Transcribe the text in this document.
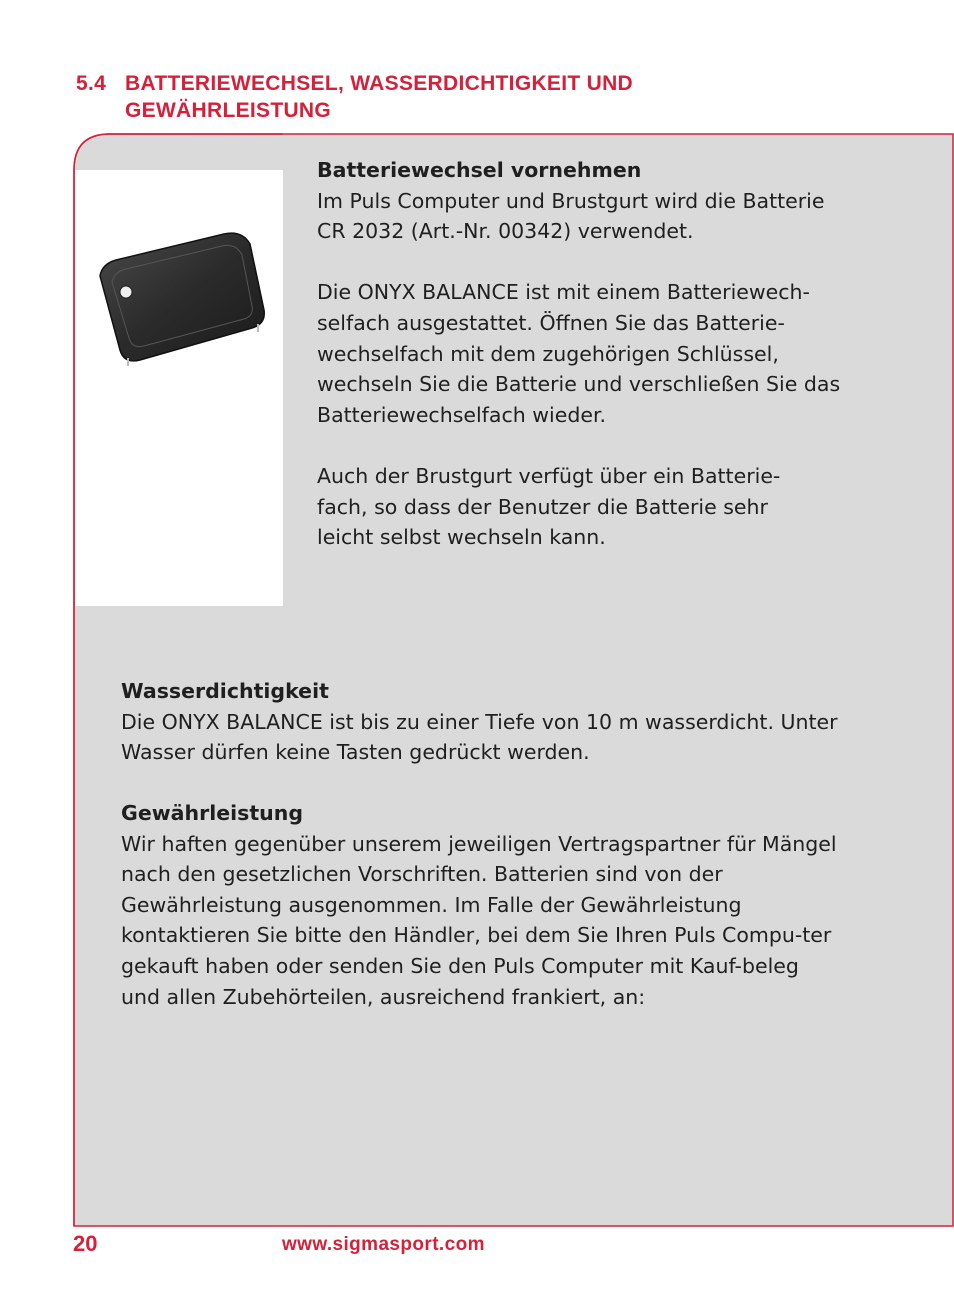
5.4 BATTERIEWECHSEL, WASSERDICHTIGKEIT UND
GEWÄHRLEISTUNG
Batteriewechsel vornehmen

Im Puls Computer und Brustgurt wird die Batterie CR 2032 (Art.-Nr. 00342) verwendet.

Die ONYX BALANCE ist mit einem Batteriewech-selfach ausgestattet. Öffnen Sie das Batterie-wechselfach mit dem zugehörigen Schlüssel, wechseln Sie die Batterie und verschließen Sie das Batteriewechselfach wieder.

Auch der Brustgurt verfügt über ein Batterie-fach, so dass der Benutzer die Batterie sehr leicht selbst wechseln kann.

Wasserdichtigkeit

Die ONYX BALANCE ist bis zu einer Tiefe von 10 m wasserdicht. Unter Wasser dürfen keine Tasten gedrückt werden.

Gewährleistung

Wir haften gegenüber unserem jeweiligen Vertragspartner für Mängel nach den gesetzlichen Vorschriften. Batterien sind von der Gewährleistung ausgenommen. Im Falle der Gewährleistung kontaktieren Sie bitte den Händler, bei dem Sie Ihren Puls Compu-ter gekauft haben oder senden Sie den Puls Computer mit Kauf-beleg und allen Zubehörteilen, ausreichend frankiert, an:

20	www.sigmasport.com
